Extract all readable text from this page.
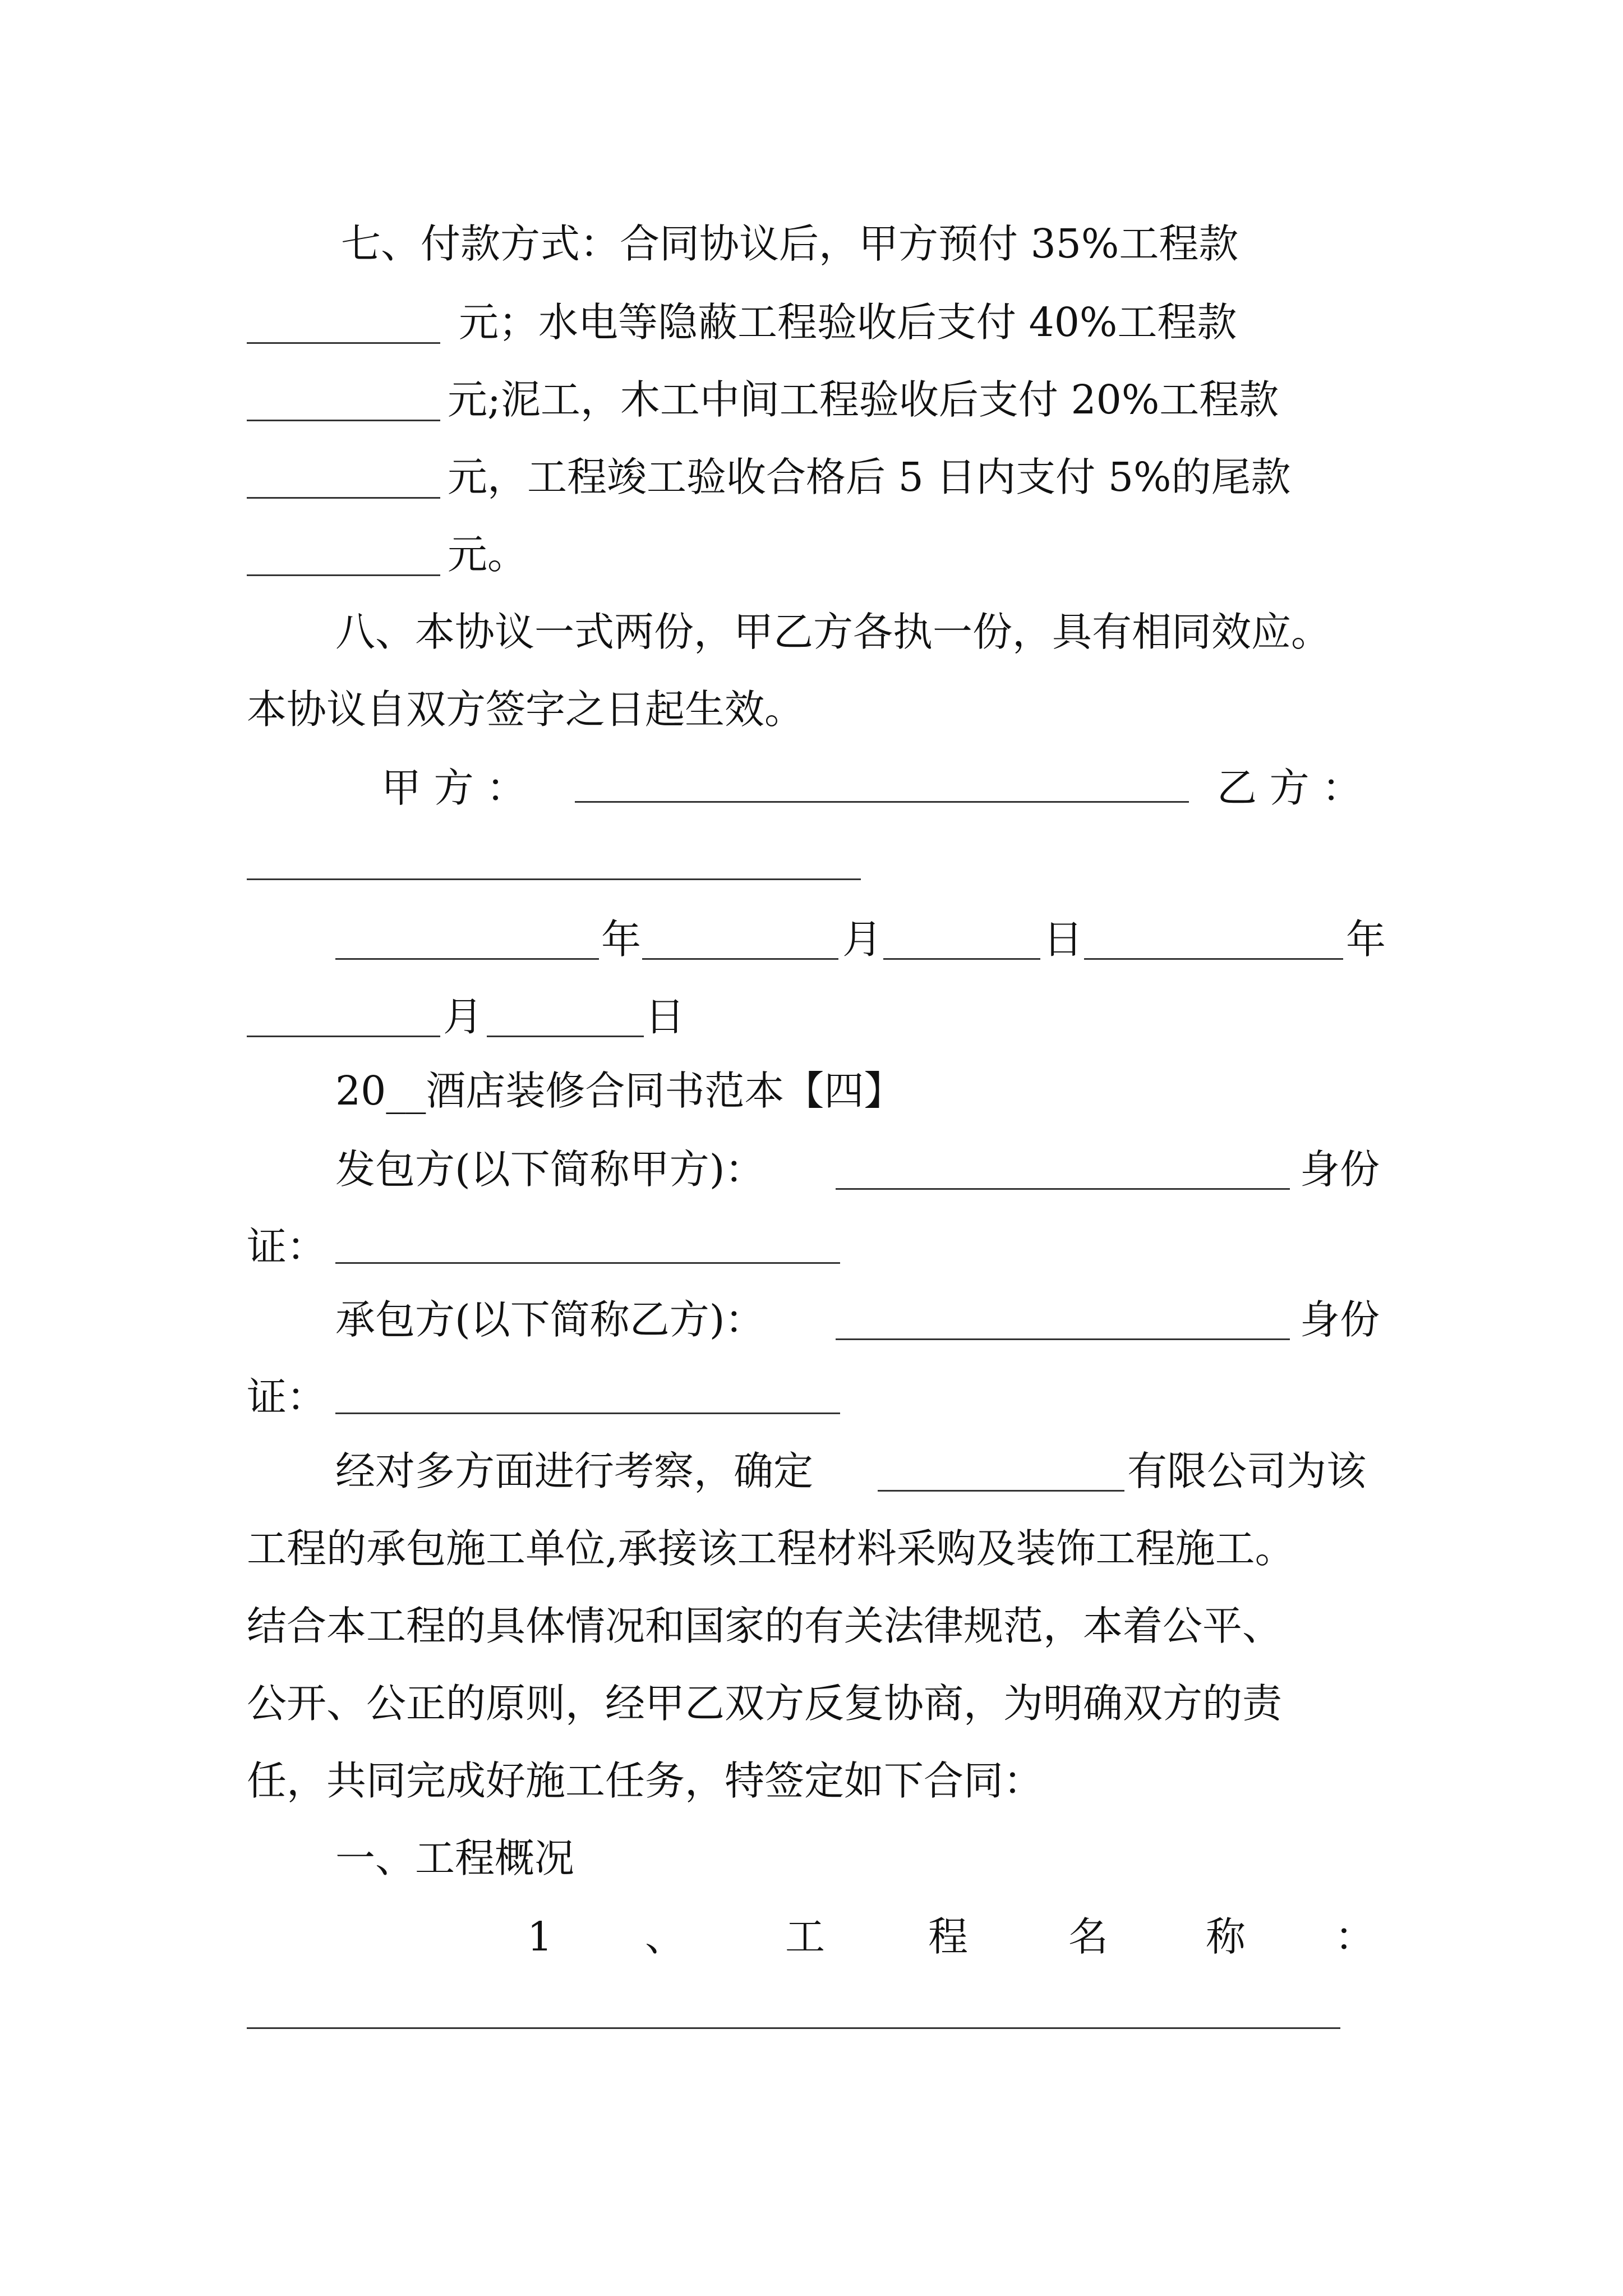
七、付款方式：合同协议后，甲方预付 35%工程款
元；水电等隐蔽工程验收后支付 40%工程款
元;泥工，木工中间工程验收后支付 20%工程款
元，工程竣工验收合格后 5 日内支付 5%的尾款
元。
八、本协议一式两份，甲乙方各执一份，具有相同效应。
本协议自双方签字之日起生效。
甲 方 ：	乙 方 ：
年	月	日	年
月	日
20__酒店装修合同书范本【四】
发包方(以下简称甲方)：	身份
证：
承包方(以下简称乙方)：	身份
证：
经对多方面进行考察，确定	有限公司为该
工程的承包施工单位,承接该工程材料采购及装饰工程施工。
结合本工程的具体情况和国家的有关法律规范，本着公平、
公开、公正的原则，经甲乙双方反复协商，为明确双方的责
任，共同完成好施工任务，特签定如下合同：
一、工程概况
1 、	工	程	名 称 ：
